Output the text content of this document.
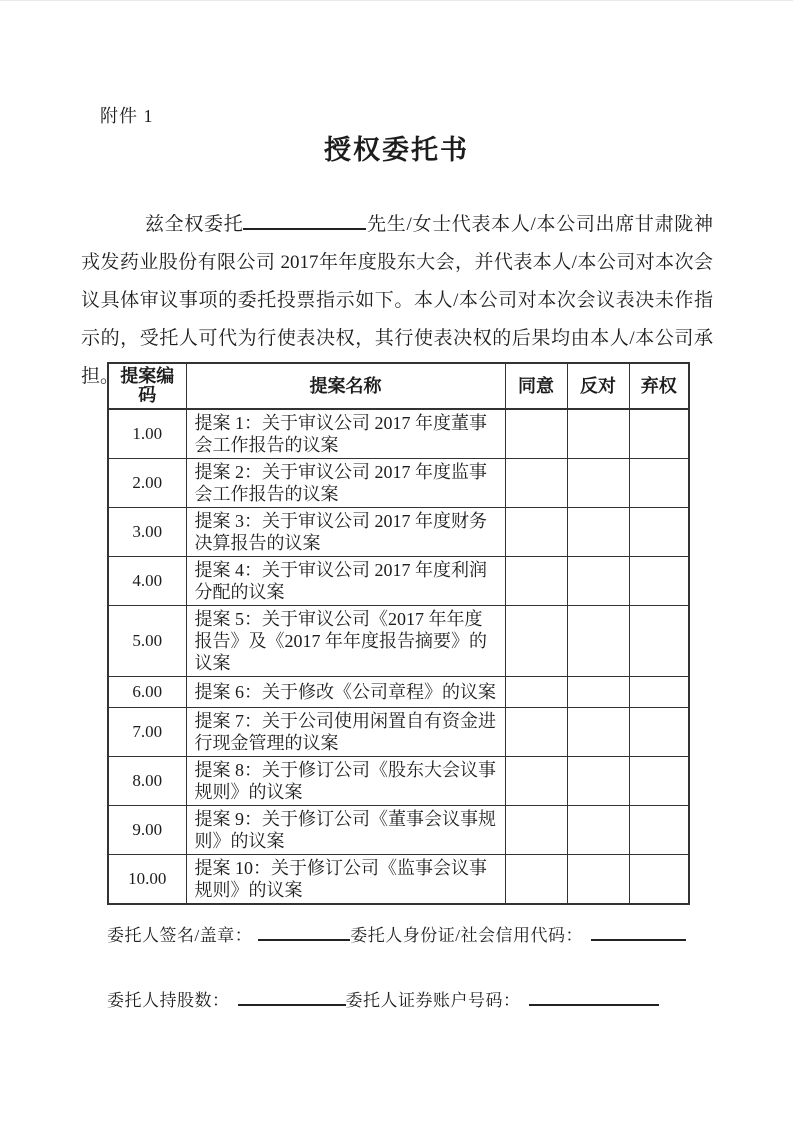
附件 1
授权委托书
兹全权委托	先生/女士代表本人/本公司出席甘肃陇神戎发药业股份有限公司 2017年年度股东大会，并代表本人/本公司对本次会议具体审议事项的委托投票指示如下。本人/本公司对本次会议表决未作指示的，受托人可代为行使表决权，其行使表决权的后果均由本人/本公司承担。 提案编码	提案名称	同意	反对	弃权
1.00	提案 1：关于审议公司 2017 年度董事会工作报告的议案			
2.00	提案 2：关于审议公司 2017 年度监事会工作报告的议案			
3.00	提案 3：关于审议公司 2017 年度财务决算报告的议案			
4.00	提案 4：关于审议公司 2017 年度利润分配的议案			
5.00	提案 5：关于审议公司《2017 年年度报告》及《2017 年年度报告摘要》的议案			
6.00	提案 6：关于修改《公司章程》的议案			
7.00	提案 7：关于公司使用闲置自有资金进行现金管理的议案			
8.00	提案 8：关于修订公司《股东大会议事规则》的议案			
9.00	提案 9：关于修订公司《董事会议事规则》的议案			
10.00	提案 10：关于修订公司《监事会议事规则》的议案			
委托人签名/盖章：	委托人身份证/社会信用代码：
委托人持股数：	委托人证券账户号码：
